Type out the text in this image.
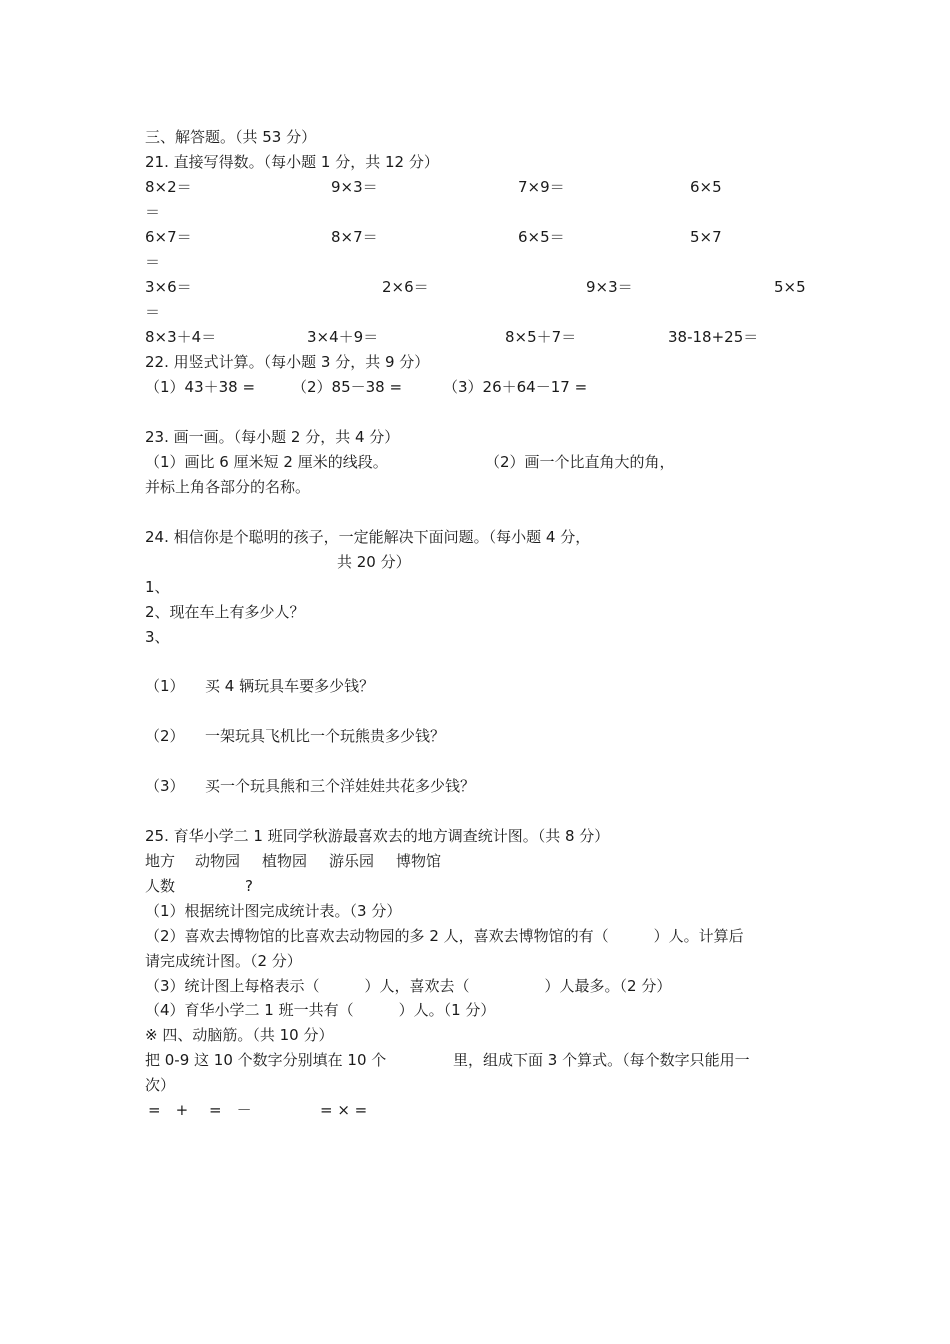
三、解答题。（共 53 分）
21. 直接写得数。（每小题 1 分，共 12 分）
8×2＝	9×3＝	7×9＝	6×5
＝
6×7＝	8×7＝	6×5＝	5×7
＝
3×6＝	2×6＝	9×3＝	5×5
＝
8×3＋4＝	3×4＋9＝	8×5＋7＝	38-18+25＝
22. 用竖式计算。（每小题 3 分，共 9 分）
（1）43＋38 = （2）85－38 =	（3）26＋64－17 =
23. 画一画。（每小题 2 分，共 4 分）
（1）画比 6 厘米短 2 厘米的线段。	（2）画一个比直角大的角，
并标上角各部分的名称。
24. 相信你是个聪明的孩子，一定能解决下面问题。（每小题 4 分，
共 20 分）
1、
2、现在车上有多少人？
3、
（1） 买 4 辆玩具车要多少钱？
（2） 一架玩具飞机比一个玩熊贵多少钱？
（3） 买一个玩具熊和三个洋娃娃共花多少钱？
25. 育华小学二 1 班同学秋游最喜欢去的地方调查统计图。（共 8 分）
地方 动物园 植物园 游乐园 博物馆
人数	?
（1）根据统计图完成统计表。（3 分）
（2）喜欢去博物馆的比喜欢去动物园的多 2 人，喜欢去博物馆的有（　　　）人。计算后
请完成统计图。（2 分）
（3）统计图上每格表示（　　　）人，喜欢去（　　　　　）人最多。（2 分）
（4）育华小学二 1 班一共有（　　　）人。（1 分）
※ 四、动脑筋。（共 10 分）
把 0-9 这 10 个数字分别填在 10 个	里，组成下面 3 个算式。（每个数字只能用一
次）
=　+ =　－	= × =
